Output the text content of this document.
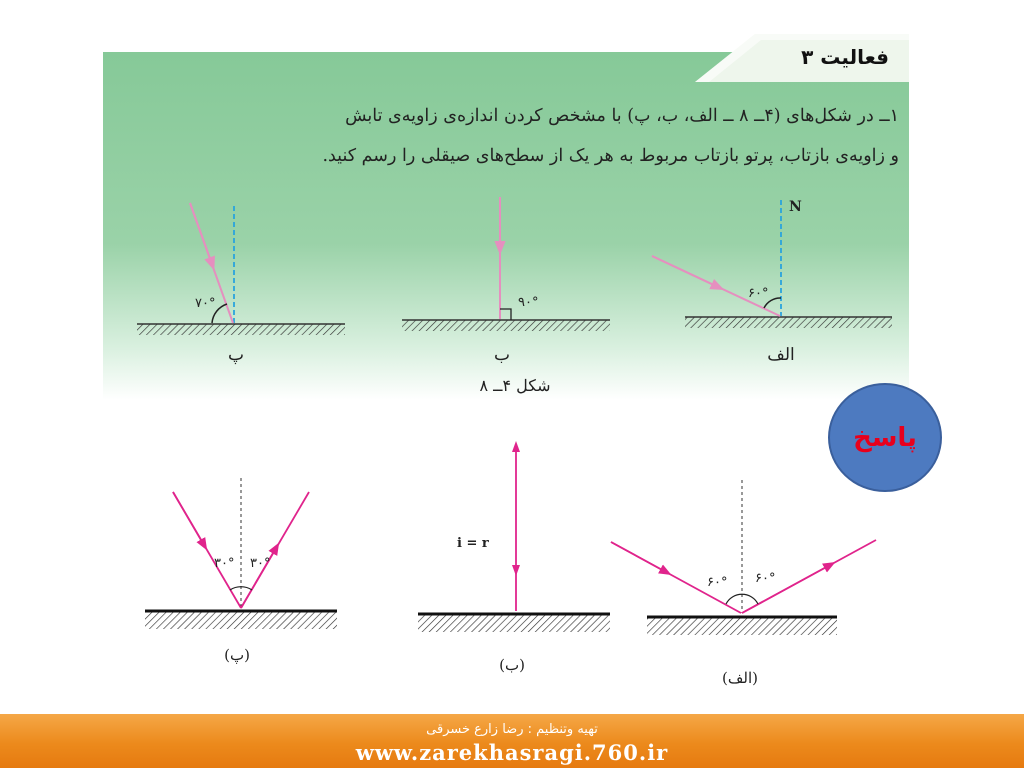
فعالیت ۳
۱ــ در شکل‌های (۴ــ ۸ ــ الف، ب، پ) با مشخص کردن اندازه‌ی زاویه‌ی تابش
و زاویه‌ی بازتاب، پرتو بازتاب مربوط به هر یک از سطح‌های صیقلی را رسم کنید.
۷۰°
پ
۹۰°
ب
N
۶۰°
الف
شکل ۴ــ ۸
۳۰° ۳۰°
(پ)
i = r
(ب)
۶۰° ۶۰°
(الف)
پاسخ
تهیه وتنظیم : رضا زارع خسرقی
www.zarekhasragi.760.ir
